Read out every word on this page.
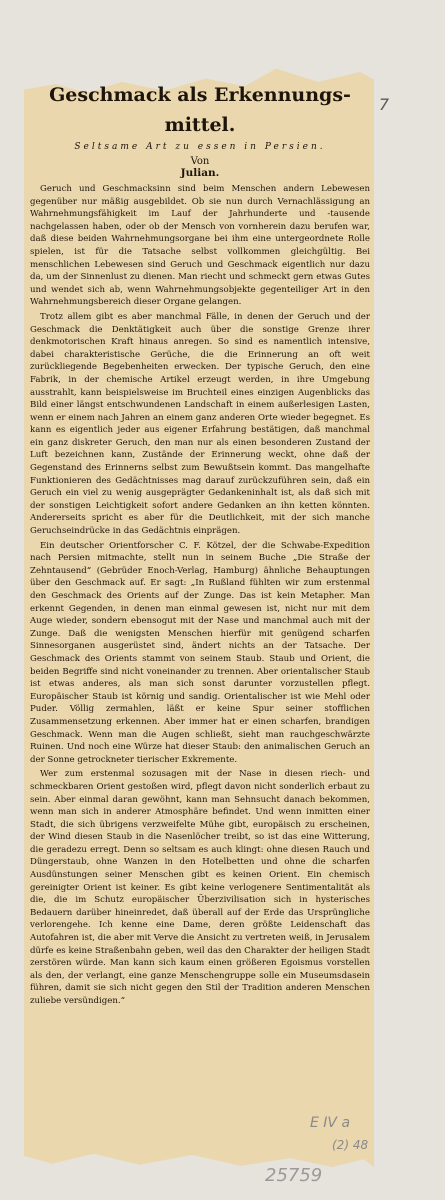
Geschmack als Erkennungs-mittel.
Seltsame Art zu essen in Persien.
Von
Julian.

Geruch und Geschmacksinn sind beim Menschen andern Lebewesen gegenüber nur mäßig ausgebildet. Ob sie nun durch Vernachlässigung an Wahrnehmungsfähigkeit im Lauf der Jahrhunderte und -tausende nachgelassen haben, oder ob der Mensch von vornherein dazu berufen war, daß diese beiden Wahrnehmungsorgane bei ihm eine untergeordnete Rolle spielen, ist für die Tatsache selbst vollkommen gleichgültig. Bei menschlichen Lebewesen sind Geruch und Geschmack eigentlich nur dazu da, um der Sinnenlust zu dienen. Man riecht und schmeckt gern etwas Gutes und wendet sich ab, wenn Wahrnehmungsobjekte gegenteiliger Art in den Wahrnehmungsbereich dieser Organe gelangen.

Trotz allem gibt es aber manchmal Fälle, in denen der Geruch und der Geschmack die Denktätigkeit auch über die sonstige Grenze ihrer denkmotorischen Kraft hinaus anregen. So sind es namentlich intensive, dabei charakteristische Gerüche, die die Erinnerung an oft weit zurückliegende Begebenheiten erwecken. Der typische Geruch, den eine Fabrik, in der chemische Artikel erzeugt werden, in ihre Umgebung ausstrahlt, kann beispielsweise im Bruchteil eines einzigen Augenblicks das Bild einer längst entschwundenen Landschaft in einem außerlesigen Lasten, wenn er einem nach Jahren an einem ganz anderen Orte wieder begegnet. Es kann es eigentlich jeder aus eigener Erfahrung bestätigen, daß manchmal ein ganz diskreter Geruch, den man nur als einen besonderen Zustand der Luft bezeichnen kann, Zustände der Erinnerung weckt, ohne daß der Gegenstand des Erinnerns selbst zum Bewußtsein kommt. Das mangelhafte Funktionieren des Gedächtnisses mag darauf zurückzuführen sein, daß ein Geruch ein viel zu wenig ausgeprägter Gedankeninhalt ist, als daß sich mit der sonstigen Leichtigkeit sofort andere Gedanken an ihn ketten könnten. Andererseits spricht es aber für die Deutlichkeit, mit der sich manche Geruchseindrücke in das Gedächtnis einprägen.

Ein deutscher Orientforscher C. F. Kötzel, der die Schwabe-Expedition nach Persien mitmachte, stellt nun in seinem Buche „Die Straße der Zehntausend“ (Gebrüder Enoch-Verlag, Hamburg) ähnliche Behauptungen über den Geschmack auf. Er sagt: „In Rußland fühlten wir zum erstenmal den Geschmack des Orients auf der Zunge. Das ist kein Metapher. Man erkennt Gegenden, in denen man einmal gewesen ist, nicht nur mit dem Auge wieder, sondern ebensogut mit der Nase und manchmal auch mit der Zunge. Daß die wenigsten Menschen hierfür mit genügend scharfen Sinnesorganen ausgerüstet sind, ändert nichts an der Tatsache. Der Geschmack des Orients stammt von seinem Staub. Staub und Orient, die beiden Begriffe sind nicht voneinander zu trennen. Aber orientalischer Staub ist etwas anderes, als man sich sonst darunter vorzustellen pflegt. Europäischer Staub ist körnig und sandig. Orientalischer ist wie Mehl oder Puder. Völlig zermahlen, läßt er keine Spur seiner stofflichen Zusammensetzung erkennen. Aber immer hat er einen scharfen, brandigen Geschmack. Wenn man die Augen schließt, sieht man rauchgeschwärzte Ruinen. Und noch eine Würze hat dieser Staub: den animalischen Geruch an der Sonne getrockneter tierischer Exkremente.

Wer zum erstenmal sozusagen mit der Nase in diesen riech- und schmeckbaren Orient gestoßen wird, pflegt davon nicht sonderlich erbaut zu sein. Aber einmal daran gewöhnt, kann man Sehnsucht danach bekommen, wenn man sich in anderer Atmosphäre befindet. Und wenn inmitten einer Stadt, die sich übrigens verzweifelte Mühe gibt, europäisch zu erscheinen, der Wind diesen Staub in die Nasenlöcher treibt, so ist das eine Witterung, die geradezu erregt. Denn so seltsam es auch klingt: ohne diesen Rauch und Düngerstaub, ohne Wanzen in den Hotelbetten und ohne die scharfen Ausdünstungen seiner Menschen gibt es keinen Orient. Ein chemisch gereinigter Orient ist keiner. Es gibt keine verlogenere Sentimentalität als die, die im Schutz europäischer Überzivilisation sich in hysterisches Bedauern darüber hineinredet, daß überall auf der Erde das Ursprüngliche verlorengehe. Ich kenne eine Dame, deren größte Leidenschaft das Autofahren ist, die aber mit Verve die Ansicht zu vertreten weiß, in Jerusalem dürfe es keine Straßenbahn geben, weil das den Charakter der heiligen Stadt zerstören würde. Man kann sich kaum einen größeren Egoismus vorstellen als den, der verlangt, eine ganze Menschengruppe solle ein Museumsdasein führen, damit sie sich nicht gegen den Stil der Tradition anderen Menschen zuliebe versündigen.“

7
E IV a
(2) 48
25759
